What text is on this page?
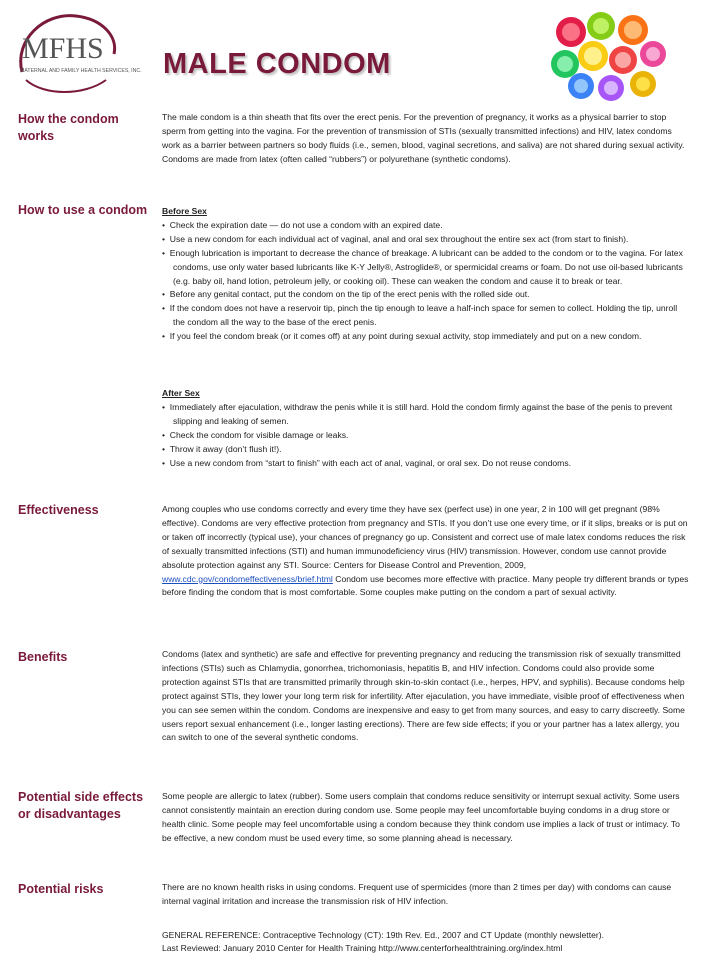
MFHS
MATERNAL AND FAMILY HEALTH SERVICES, INC. MALE CONDOM
How the condom works

The male condom is a thin sheath that fits over the erect penis. For the prevention of pregnancy, it works as a physical barrier to stop sperm from getting into the vagina. For the prevention of transmission of STIs (sexually transmitted infections) and HIV, latex condoms work as a barrier between partners so body fluids (i.e., semen, blood, vaginal secretions, and saliva) are not shared during sexual activity. Condoms are made from latex (often called “rubbers”) or polyurethane (synthetic condoms).

How to use a condom	Before Sex

•  Check the expiration date — do not use a condom with an expired date.
•  Use a new condom for each individual act of vaginal, anal and oral sex throughout the entire sex act (from start to finish).
•  Enough lubrication is important to decrease the chance of breakage. A lubricant can be added to the condom or to the vagina. For latex condoms, use only water based lubricants like K-Y Jelly®, Astroglide®, or spermicidal creams or foam. Do not use oil-based lubricants (e.g. baby oil, hand lotion, petroleum jelly, or cooking oil). These can weaken the condom and cause it to break or tear.
•  Before any genital contact, put the condom on the tip of the erect penis with the rolled side out.
•  If the condom does not have a reservoir tip, pinch the tip enough to leave a half-inch space for semen to collect. Holding the tip, unroll the condom all the way to the base of the erect penis.
•  If you feel the condom break (or it comes off) at any point during sexual activity, stop immediately and put on a new condom.

After Sex

•  Immediately after ejaculation, withdraw the penis while it is still hard. Hold the condom firmly against the base of the penis to prevent slipping and leaking of semen.
•  Check the condom for visible damage or leaks.
•  Throw it away (don’t flush it!).
•  Use a new condom from “start to finish” with each act of anal, vaginal, or oral sex. Do not reuse condoms.
Effectiveness	Among couples who use condoms correctly and every time they have sex (perfect use) in one year, 2 in 100 will get pregnant (98% effective). Condoms are very effective protection from pregnancy and STIs. If you don’t use one every time, or if it slips, breaks or is put on or taken off incorrectly (typical use), your chances of pregnancy go up. Consistent and correct use of male latex condoms reduces the risk of sexually transmitted infections (STI) and human immunodeficiency virus (HIV) transmission. However, condom use cannot provide absolute protection against any STI. Source: Centers for Disease Control and Prevention, 2009,
www.cdc.gov/condomeffectiveness/brief.html Condom use becomes more effective with practice. Many people try different brands or types before finding the condom that is most comfortable. Some couples make putting on the condom a part of sexual activity.

Benefits	Condoms (latex and synthetic) are safe and effective for preventing pregnancy and reducing the transmission risk of sexually transmitted infections (STIs) such as Chlamydia, gonorrhea, trichomoniasis, hepatitis B, and HIV infection. Condoms could also provide some protection against STIs that are transmitted primarily through skin-to-skin contact (i.e., herpes, HPV, and syphilis). Because condoms help protect against STIs, they lower your long term risk for infertility. After ejaculation, you have immediate, visible proof of effectiveness when you can see semen within the condom. Condoms are inexpensive and easy to get from many sources, and easy to carry discreetly. Some users report sexual enhancement (i.e., longer lasting erections). There are few side effects; if you or your partner has a latex allergy, you can switch to one of the several synthetic condoms.

Potential side effects or disadvantages

Some people are allergic to latex (rubber). Some users complain that condoms reduce sensitivity or interrupt sexual activity. Some users cannot consistently maintain an erection during condom use. Some people may feel uncomfortable buying condoms in a drug store or health clinic. Some people may feel uncomfortable using a condom because they think condom use implies a lack of trust or intimacy. To be effective, a new condom must be used every time, so some planning ahead is necessary.

Potential risks	There are no known health risks in using condoms. Frequent use of spermicides (more than 2 times per day) with condoms can cause internal vaginal irritation and increase the transmission risk of HIV infection.

GENERAL REFERENCE: Contraceptive Technology (CT): 19th Rev. Ed., 2007 and CT Update (monthly newsletter).
Last Reviewed: January 2010 Center for Health Training http://www.centerforhealthtraining.org/index.html
